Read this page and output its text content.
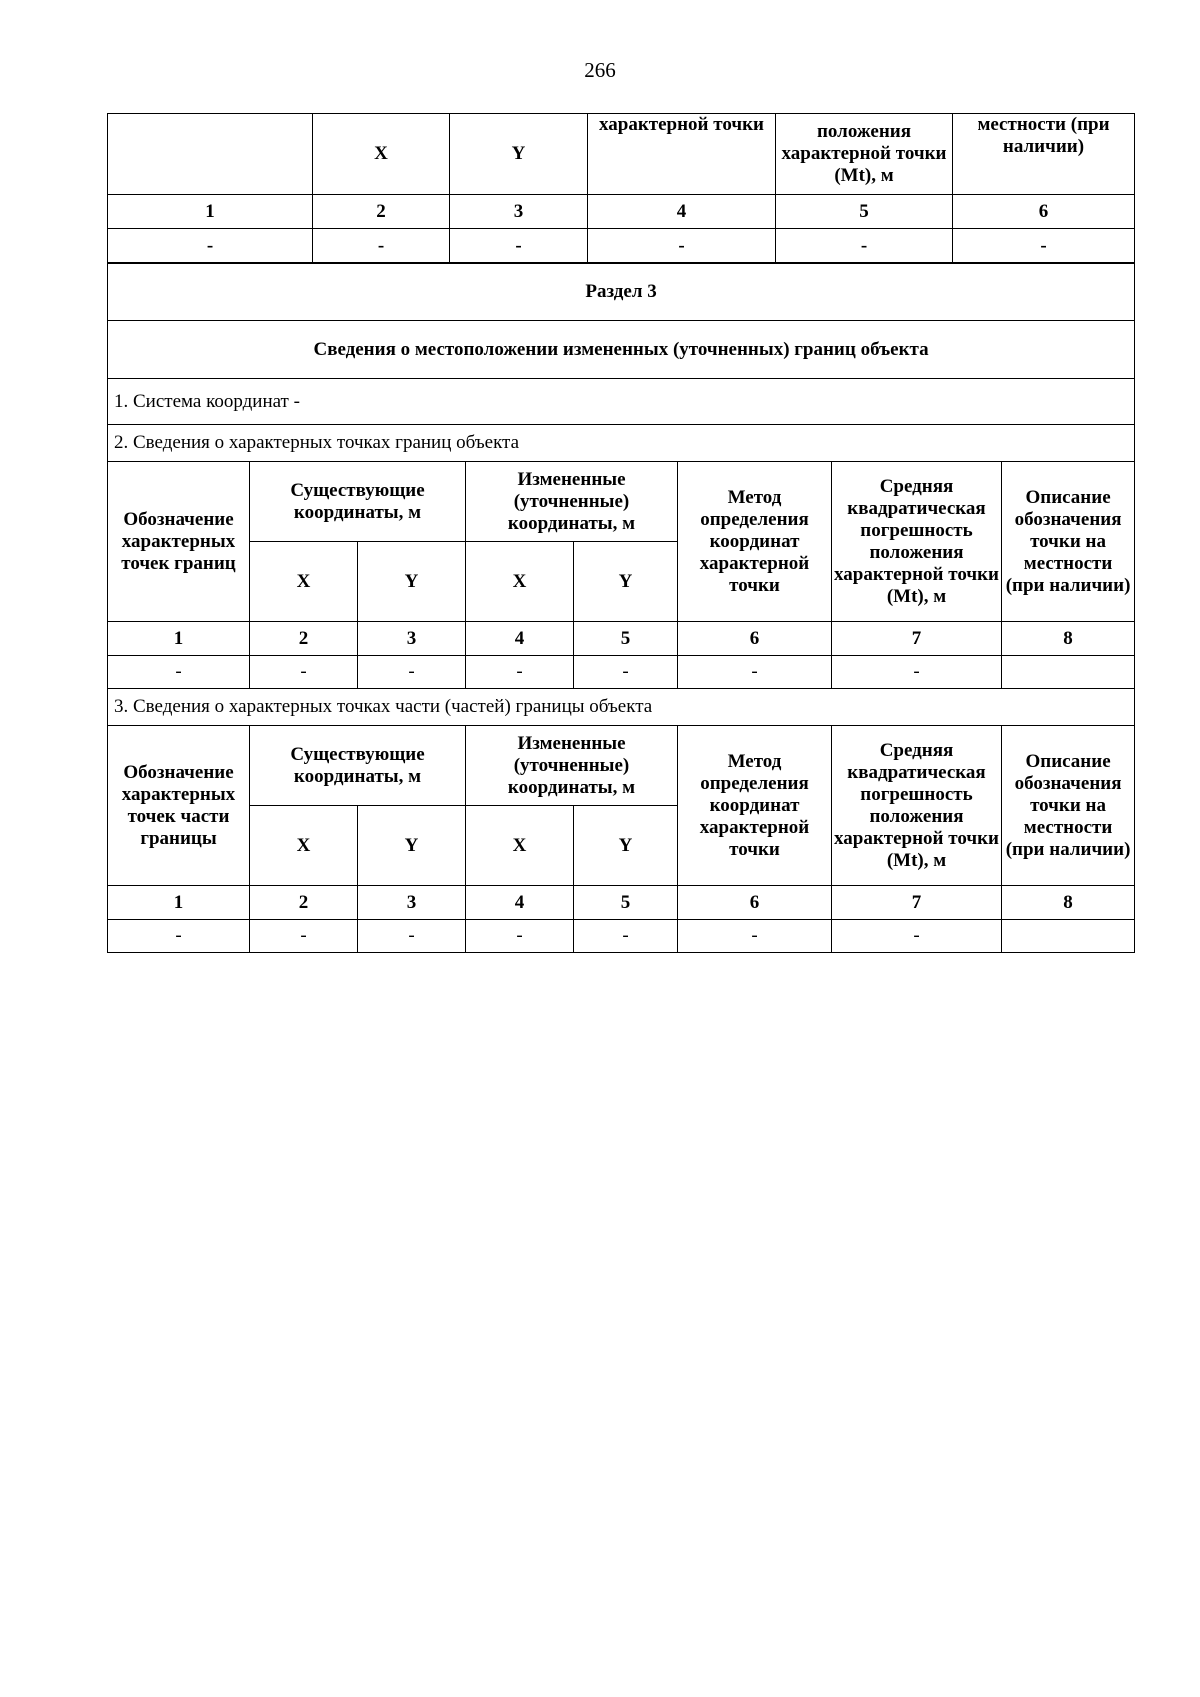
266
	X	Y	характерной точки	положения характерной точки (Mt), м	местности (при наличии)
1	2	3	4	5	6
-	-	-	-	-	-
Раздел 3							
Сведения о местоположении измененных (уточненных) границ объекта							
1. Система координат -							
2. Сведения о характерных точках границ объекта							
Обозначение характерных точек границ	Существующие координаты, м		Измененные (уточненные) координаты, м		Метод определения координат характерной точки	Средняя квадратическая погрешность положения характерной точки (Mt), м	Описание обозначения точки на местности (при наличии)
	X	Y	X	Y			
1	2	3	4	5	6	7	8
-	-	-	-	-	-	-	
3. Сведения о характерных точках части (частей) границы объекта							
Обозначение характерных точек части границы	Существующие координаты, м		Измененные (уточненные) координаты, м		Метод определения координат характерной точки	Средняя квадратическая погрешность положения характерной точки (Mt), м	Описание обозначения точки на местности (при наличии)
	X	Y	X	Y			
1	2	3	4	5	6	7	8
-	-	-	-	-	-	-	
